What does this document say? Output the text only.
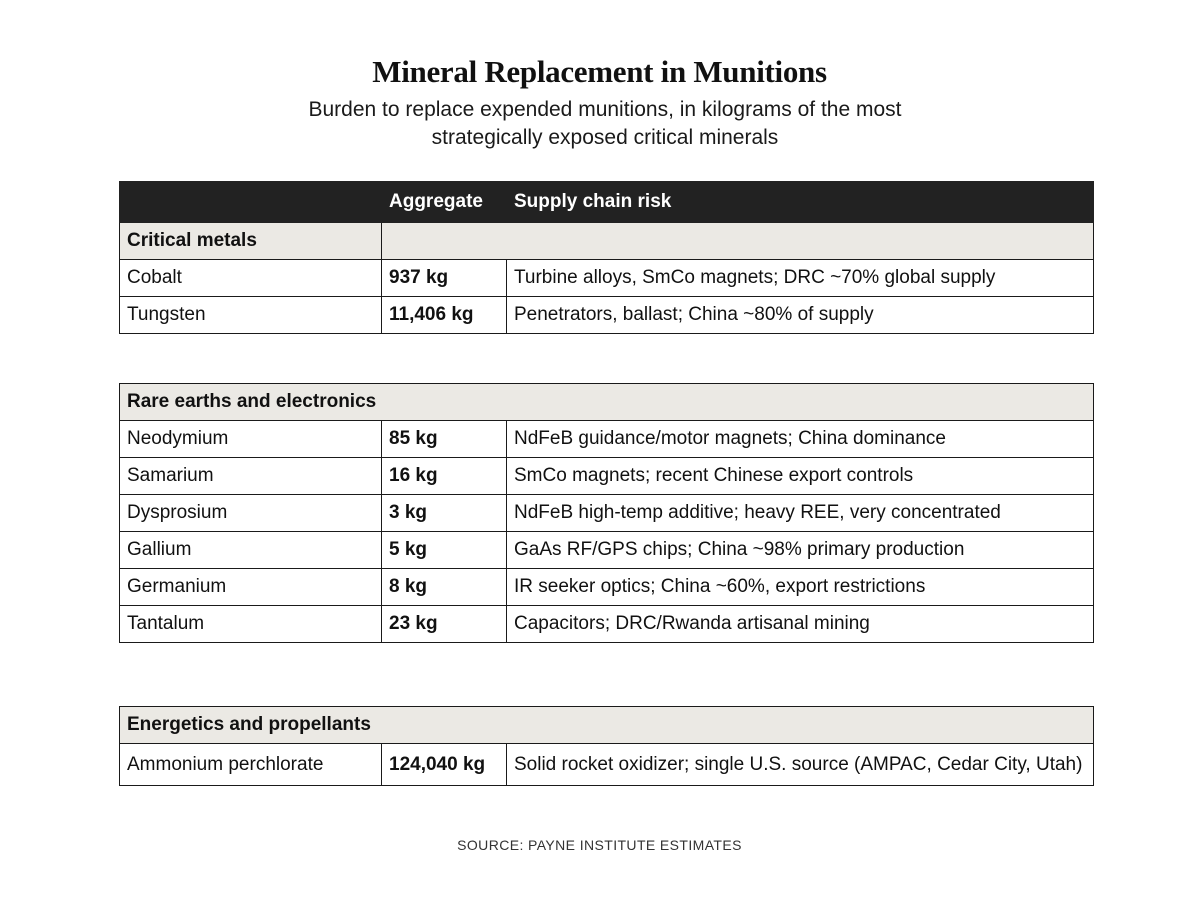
Mineral Replacement in Munitions

Burden to replace expended munitions, in kilograms of the most strategically exposed critical minerals

	Aggregate	Supply chain risk
Critical metals		
Cobalt	937 kg	Turbine alloys, SmCo magnets; DRC ~70% global supply
Tungsten	11,406 kg	Penetrators, ballast; China ~80% of supply
Rare earths and electronics		
Neodymium	85 kg	NdFeB guidance/motor magnets; China dominance
Samarium	16 kg	SmCo magnets; recent Chinese export controls
Dysprosium	3 kg	NdFeB high-temp additive; heavy REE, very concentrated
Gallium	5 kg	GaAs RF/GPS chips; China ~98% primary production
Germanium	8 kg	IR seeker optics; China ~60%, export restrictions
Tantalum	23 kg	Capacitors; DRC/Rwanda artisanal mining
Energetics and propellants		
Ammonium perchlorate	124,040 kg	Solid rocket oxidizer; single U.S. source (AMPAC, Cedar City, Utah)
SOURCE: PAYNE INSTITUTE ESTIMATES
